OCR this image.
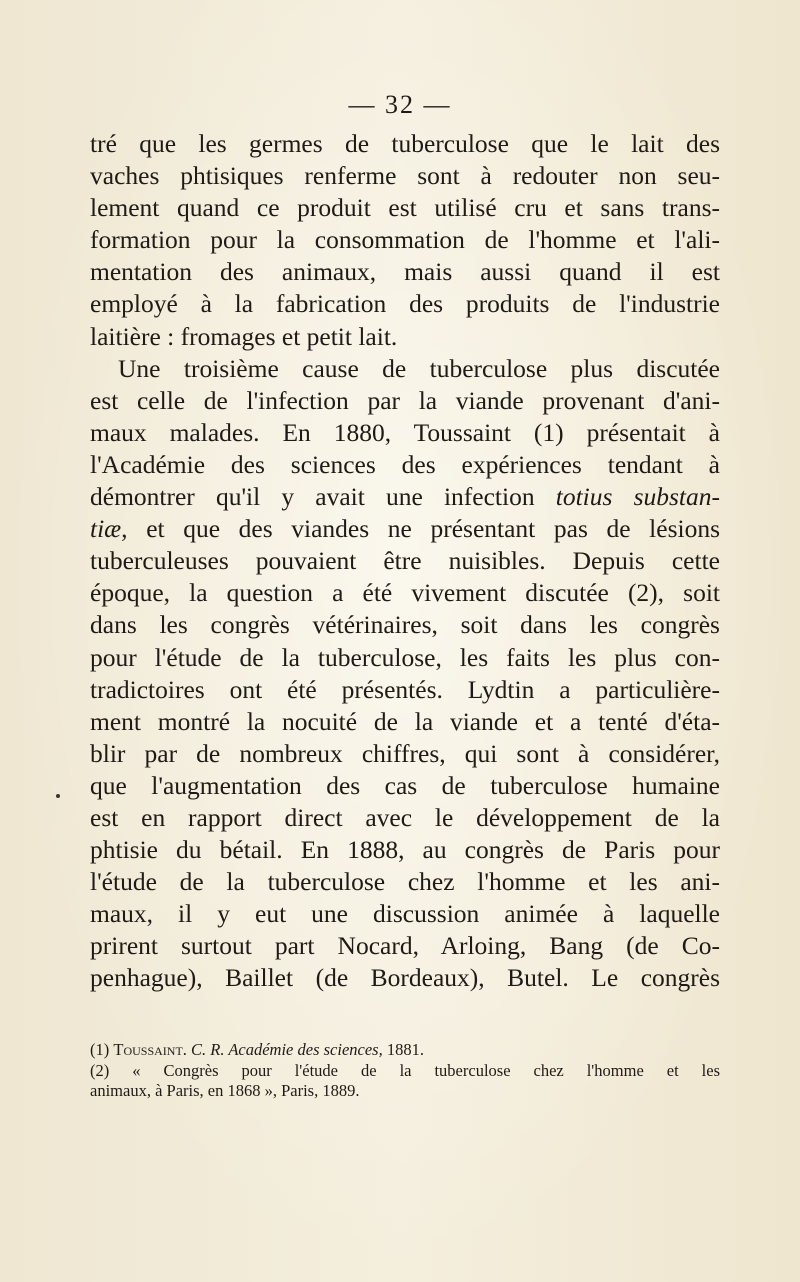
— 32 —
tré que les germes de tuberculose que le lait des
vaches phtisiques renferme sont à redouter non seu-
lement quand ce produit est utilisé cru et sans trans-
formation pour la consommation de l'homme et l'ali-
mentation des animaux, mais aussi quand il est
employé à la fabrication des produits de l'industrie
laitière : fromages et petit lait.
Une troisième cause de tuberculose plus discutée
est celle de l'infection par la viande provenant d'ani-
maux malades. En 1880, Toussaint (1) présentait à
l'Académie des sciences des expériences tendant à
démontrer qu'il y avait une infection totius substan-
tiæ, et que des viandes ne présentant pas de lésions
tuberculeuses pouvaient être nuisibles. Depuis cette
époque, la question a été vivement discutée (2), soit
dans les congrès vétérinaires, soit dans les congrès
pour l'étude de la tuberculose, les faits les plus con-
tradictoires ont été présentés. Lydtin a particulière-
ment montré la nocuité de la viande et a tenté d'éta-
blir par de nombreux chiffres, qui sont à considérer,
que l'augmentation des cas de tuberculose humaine
est en rapport direct avec le développement de la
phtisie du bétail. En 1888, au congrès de Paris pour
l'étude de la tuberculose chez l'homme et les ani-
maux, il y eut une discussion animée à laquelle
prirent surtout part Nocard, Arloing, Bang (de Co-
penhague), Baillet (de Bordeaux), Butel. Le congrès
(1) Toussaint. C. R. Académie des sciences, 1881.
(2) « Congrès pour l'étude de la tuberculose chez l'homme et les
animaux, à Paris, en 1868 », Paris, 1889.
